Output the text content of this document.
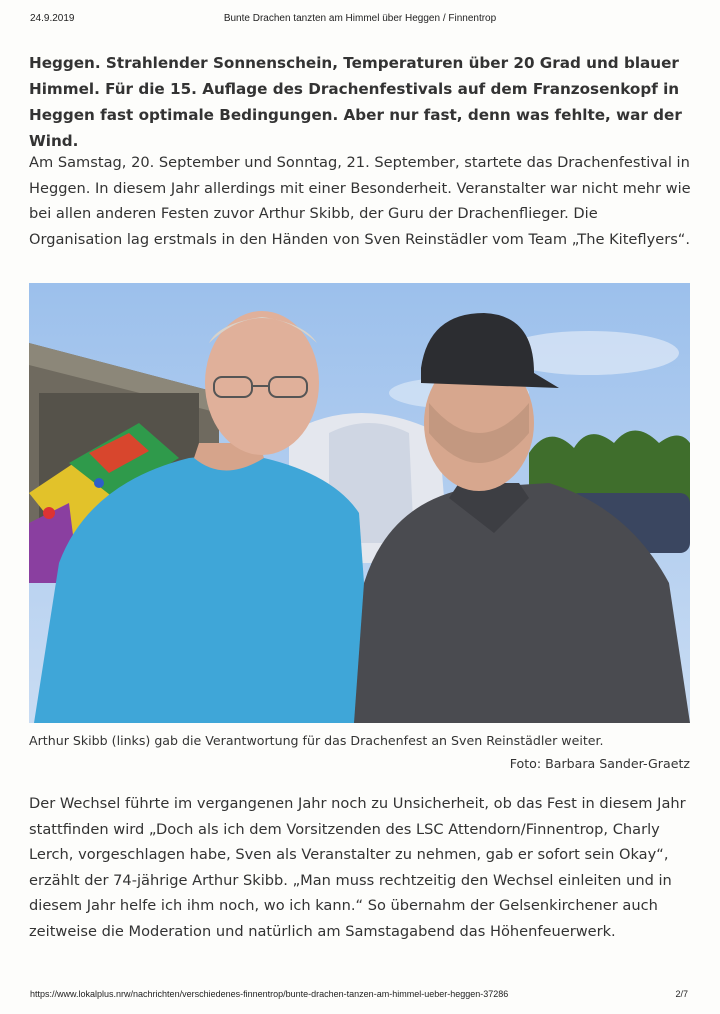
24.9.2019	Bunte Drachen tanzten am Himmel über Heggen / Finnentrop
Heggen. Strahlender Sonnenschein, Temperaturen über 20 Grad und blauer Himmel. Für die 15. Auflage des Drachenfestivals auf dem Franzosenkopf in Heggen fast optimale Bedingungen. Aber nur fast, denn was fehlte, war der Wind.
Am Samstag, 20. September und Sonntag, 21. September, startete das Drachenfestival in Heggen. In diesem Jahr allerdings mit einer Besonderheit. Veranstalter war nicht mehr wie bei allen anderen Festen zuvor Arthur Skibb, der Guru der Drachenflieger. Die Organisation lag erstmals in den Händen von Sven Reinstädler vom Team „The Kiteflyers“.
Arthur Skibb (links) gab die Verantwortung für das Drachenfest an Sven Reinstädler weiter.
Foto: Barbara Sander-Graetz
Der Wechsel führte im vergangenen Jahr noch zu Unsicherheit, ob das Fest in diesem Jahr stattfinden wird „Doch als ich dem Vorsitzenden des LSC Attendorn/Finnentrop, Charly Lerch, vorgeschlagen habe, Sven als Veranstalter zu nehmen, gab er sofort sein Okay“, erzählt der 74-jährige Arthur Skibb. „Man muss rechtzeitig den Wechsel einleiten und in diesem Jahr helfe ich ihm noch, wo ich kann.“ So übernahm der Gelsenkirchener auch zeitweise die Moderation und natürlich am Samstagabend das Höhenfeuerwerk.
https://www.lokalplus.nrw/nachrichten/verschiedenes-finnentrop/bunte-drachen-tanzen-am-himmel-ueber-heggen-37286	2/7
